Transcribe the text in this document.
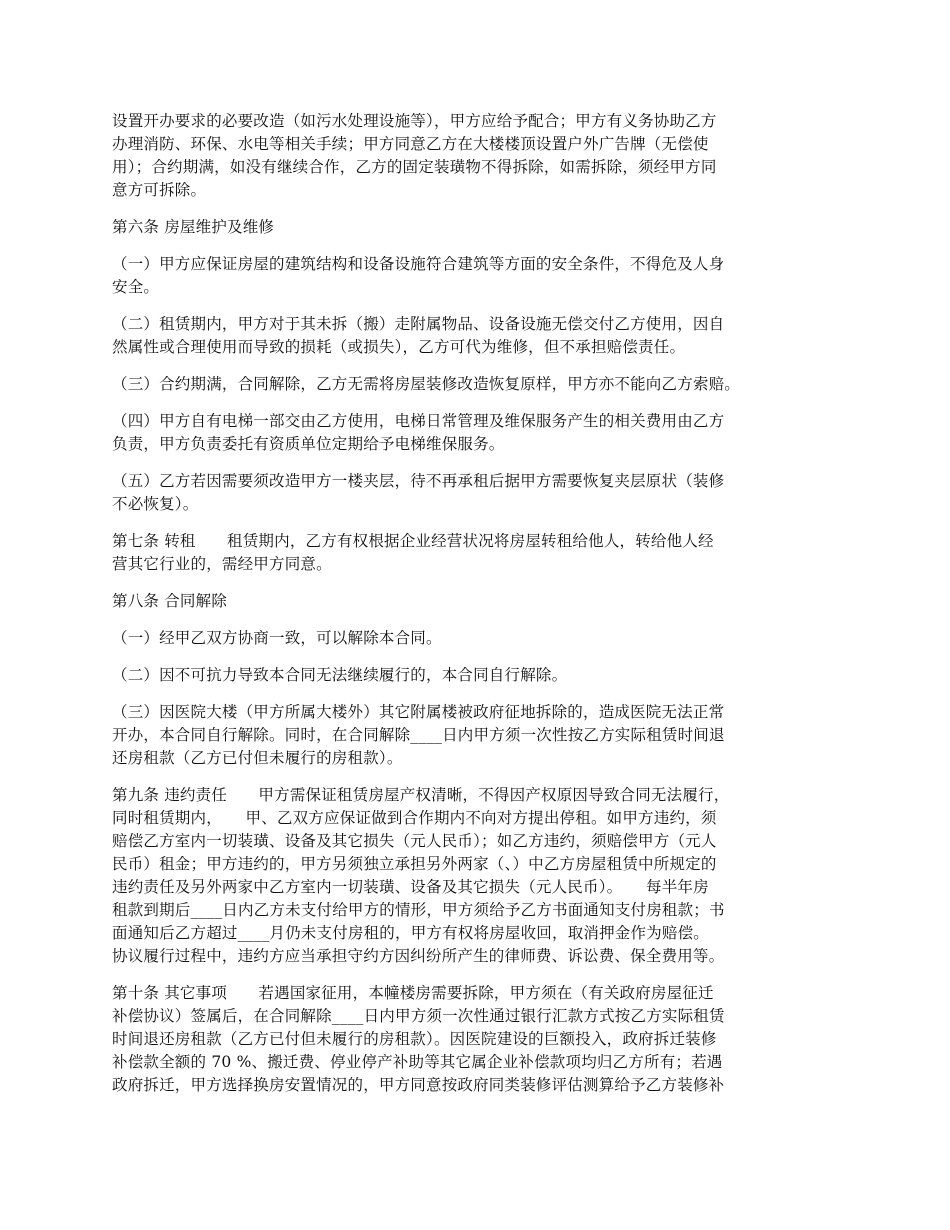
设置开办要求的必要改造（如污水处理设施等），甲方应给予配合；甲方有义务协助乙方
办理消防、环保、水电等相关手续；甲方同意乙方在大楼楼顶设置户外广告牌（无偿使
用）；合约期满，如没有继续合作，乙方的固定装璜物不得拆除，如需拆除，须经甲方同
意方可拆除。

第六条 房屋维护及维修

（一）甲方应保证房屋的建筑结构和设备设施符合建筑等方面的安全条件，不得危及人身
安全。

（二）租赁期内，甲方对于其未拆（搬）走附属物品、设备设施无偿交付乙方使用，因自
然属性或合理使用而导致的损耗（或损失），乙方可代为维修，但不承担赔偿责任。

（三）合约期满，合同解除，乙方无需将房屋装修改造恢复原样，甲方亦不能向乙方索赔。

（四）甲方自有电梯一部交由乙方使用，电梯日常管理及维保服务产生的相关费用由乙方
负责，甲方负责委托有资质单位定期给予电梯维保服务。

（五）乙方若因需要须改造甲方一楼夹层，待不再承租后据甲方需要恢复夹层原状（装修
不必恢复）。

第七条 转租　　租赁期内，乙方有权根据企业经营状况将房屋转租给他人，转给他人经
营其它行业的，需经甲方同意。

第八条 合同解除

（一）经甲乙双方协商一致，可以解除本合同。

（二）因不可抗力导致本合同无法继续履行的，本合同自行解除。

（三）因医院大楼（甲方所属大楼外）其它附属楼被政府征地拆除的，造成医院无法正常
开办，本合同自行解除。同时，在合同解除____日内甲方须一次性按乙方实际租赁时间退
还房租款（乙方已付但未履行的房租款）。

第九条 违约责任　　甲方需保证租赁房屋产权清晰，不得因产权原因导致合同无法履行，
同时租赁期内，　　甲、乙双方应保证做到合作期内不向对方提出停租。如甲方违约，须
赔偿乙方室内一切装璜、设备及其它损失（元人民币）；如乙方违约，须赔偿甲方（元人
民币）租金；甲方违约的，甲方另须独立承担另外两家（、）中乙方房屋租赁中所规定的
违约责任及另外两家中乙方室内一切装璜、设备及其它损失（元人民币）。　　每半年房
租款到期后____日内乙方未支付给甲方的情形，甲方须给予乙方书面通知支付房租款；书
面通知后乙方超过____月仍未支付房租的，甲方有权将房屋收回，取消押金作为赔偿。
协议履行过程中，违约方应当承担守约方因纠纷所产生的律师费、诉讼费、保全费用等。

第十条 其它事项　　若遇国家征用，本幢楼房需要拆除，甲方须在（有关政府房屋征迁
补偿协议）签属后，在合同解除____日内甲方须一次性通过银行汇款方式按乙方实际租赁
时间退还房租款（乙方已付但未履行的房租款）。因医院建设的巨额投入，政府拆迁装修
补偿款全额的 70 %、搬迁费、停业停产补助等其它属企业补偿款项均归乙方所有；若遇
政府拆迁，甲方选择换房安置情况的，甲方同意按政府同类装修评估测算给予乙方装修补
